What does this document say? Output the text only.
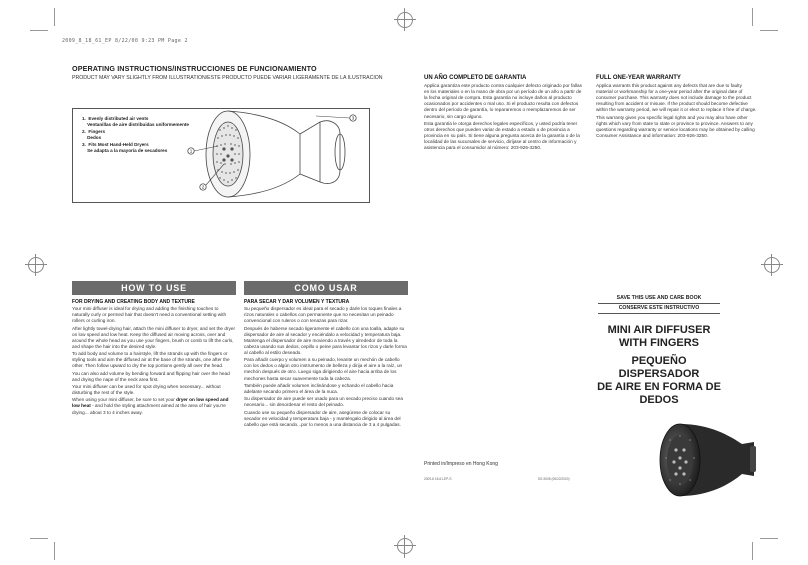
2009_8_18_61_EP 8/22/00 9:23 PM Page 2
OPERATING INSTRUCTIONS/INSTRUCCIONES DE FUNCIONAMIENTO
PRODUCT MAY VARY SLIGHTLY FROM ILLUSTRATION/ESTE PRODUCTO PUEDE VARIAR LIGERAMENTE DE LA ILUSTRACION
1. Evenly distributed air vents
Ventanillas de aire distribuidas uniformemente
2. Fingers
Dedos
3. Fits Most Hand-Held Dryers
Se adapta a la mayoría de secadores	1
2
3
HOW TO USE	COMO USAR
FOR DRYING AND CREATING BODY AND TEXTURE

Your mini diffuser is ideal for drying and adding the finishing touches to naturally curly or permed hair that doesn't need a conventional setting with rollers or curling iron.

After lightly towel-drying hair, attach the mini diffuser to dryer, and set the dryer on low speed and low heat. Keep the diffused air moving across, over and around the whole head as you use your fingers, brush or comb to lift the curls, and shape the hair into the desired style.

To add body and volume to a hairstyle, lift the strands up with the fingers or styling tools and aim the diffused air at the base of the strands, one after the other. Then follow upward to dry the top portions gently all over the head.

You can also add volume by bending forward and flipping hair over the head and drying the nape of the neck area first.

Your mini diffuser can be used for spot drying when necessary... without disturbing the rest of the style.

When using your mini diffuser, be sure to set your dryer on low speed and low heat - and hold the styling attachment aimed at the area of hair you're drying... about 3 to 4 inches away.

PARA SECAR Y DAR VOLUMEN Y TEXTURA

Su pequeño dispersador es ideal para el secado y darle los toques finales a rizos naturales o cabellos con permanente que no necesitan un peinado convencional con ruleros o con tenazas para rizar.

Después de haberse secado ligeramente el cabello con una toalla, adapte su dispersador de aire al secador y enciéndalo a velocidad y temperatura baja. Mantenga el dispersador de aire moviendo a través y alrededor de toda la cabeza usando sus dedos, cepillo o peine para levantar los rizos y darle forma al cabello al estilo deseado.

Para añadir cuerpo y volumen a su peinado, levante un mechón de cabello con los dedos o algún otro instrumento de belleza y dirija el aire a la raíz, un mechón después de otro. Luego siga dirigiendo el aire hacia arriba de los mechones hasta secar suavemente toda la cabeza.

También puede añadir volumen inclinándose y echando el cabello hacia adelante secando primero el área de la nuca.

Su dispersador de aire puede ser usado para un secado preciso cuando sea necesario... sin desordenar el resto del peinado.

Cuando use su pequeño dispersador de aire, asegúrese de colocar su secador en velocidad y temperatura baja - y manténgalo dirigido al área del cabello que está secando...por lo menos a una distancia de 3 a 4 pulgadas.

UN AÑO COMPLETO DE GARANTIA

Applica garantiza este producto contra cualquier defecto originado por fallas en los materiales o en la mano de obra por un período de un año a partir de la fecha original de compra. Esta garantía no incluye daños al producto ocasionados por accidentes o mal uso. Si el producto resulta con defectos dentro del período de garantía, lo repararemos o reemplazaremos de ser necesario, sin cargo alguno.

Esta garantía le otorga derechos legales específicos, y usted podría tener otros derechos que pueden variar de estado a estado o de provincia a provincia en su país. Si tiene alguna pregunta acerca de la garantía o de la localidad de las sucursales de servicio, diríjase al centro de información y asistencia para el consumidor al número: 203-926-3250.

FULL ONE-YEAR WARRANTY

Applica warrants this product against any defects that are due to faulty material or workmanship for a one-year period after the original date of consumer purchase. This warranty does not include damage to the product resulting from accident or misuse. If the product should become defective within the warranty period, we will repair it or elect to replace it free of charge.

This warranty gives you specific legal rights and you may also have other rights which vary from state to state or province to province. Answers to any questions regarding warranty or service locations may be obtained by calling Consumer Assistance and information: 203-926-3250.

Printed in/Impreso en Hong Kong
2009-8 18-61-EP-S	DS-9008 (08/22/2000)
SAVE THIS USE AND CARE BOOK
CONSERVE ESTE INSTRUCTIVO
MINI AIR DIFFUSER
WITH FINGERS
PEQUEÑO DISPERSADOR
DE AIRE EN FORMA DE DEDOS
